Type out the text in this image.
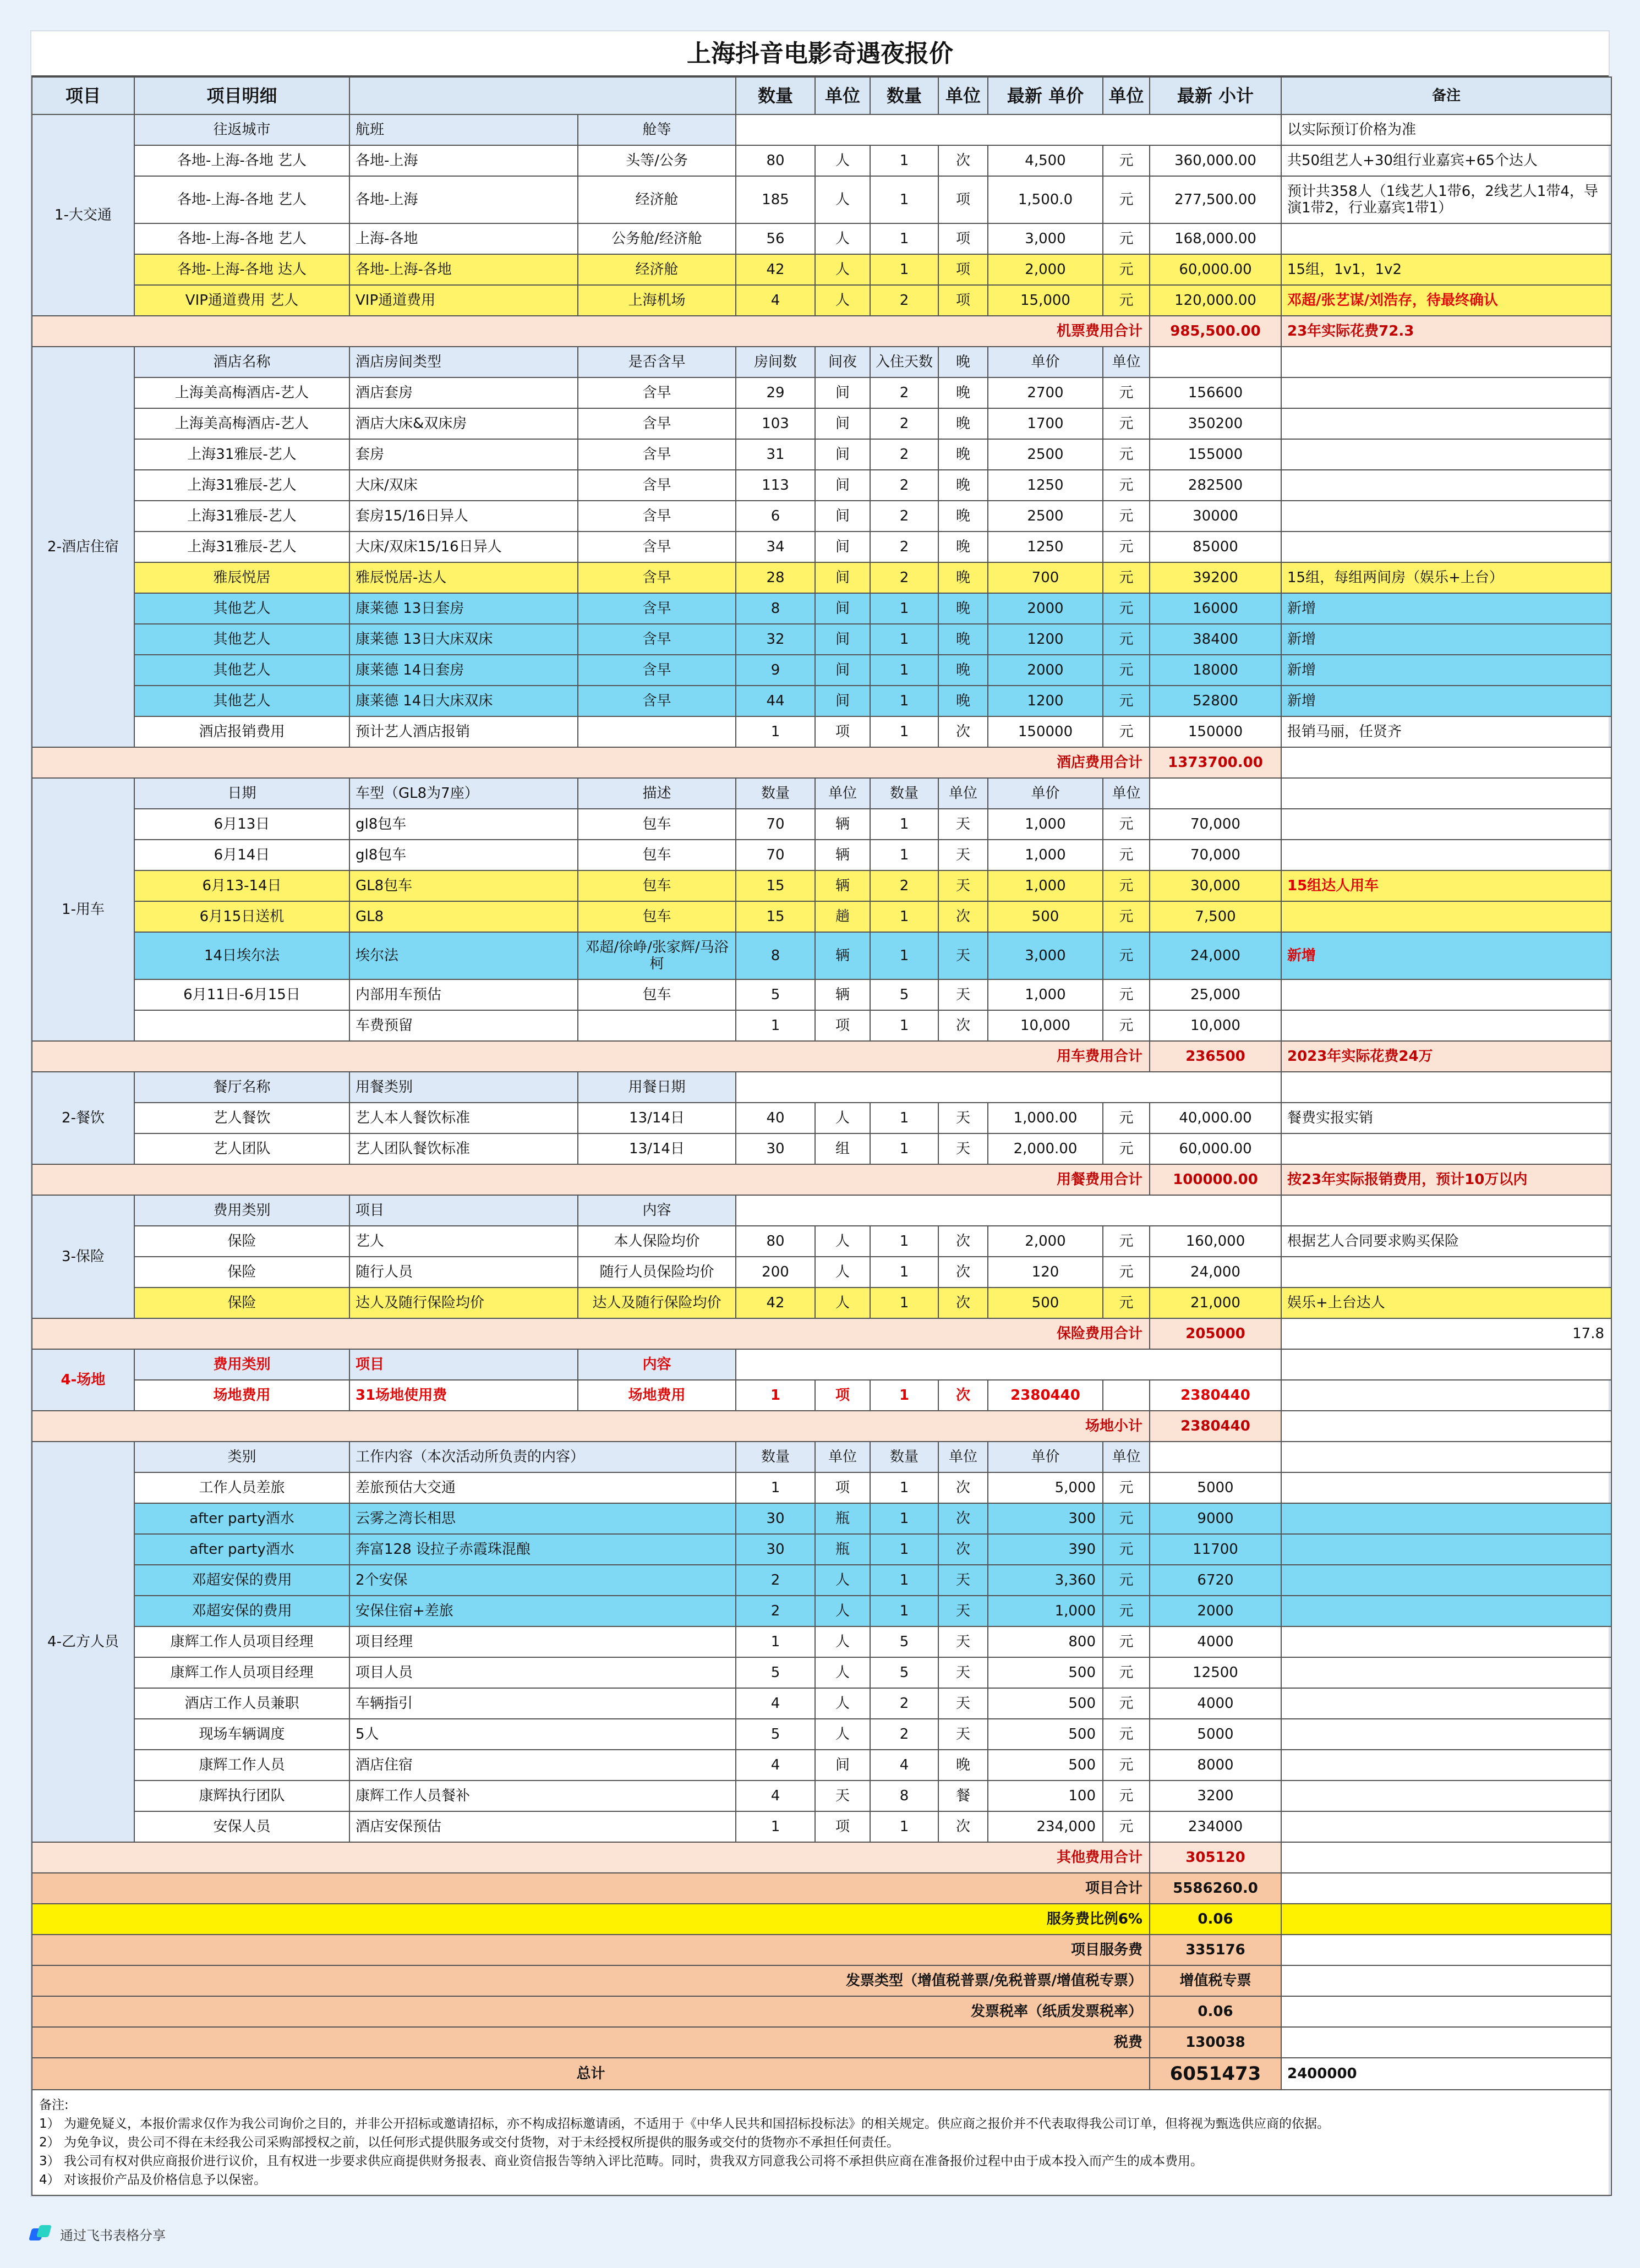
上海抖音电影奇遇夜报价
项目	项目明细			数量	单位	数量	单位	最新 单价	单位	最新 小计	备注
1-大交通	往返城市	航班	舱等								以实际预订价格为准
	各地-上海-各地 艺人	各地-上海	头等/公务	80	人	1	次	4,500	元	360,000.00	共50组艺人+30组行业嘉宾+65个达人
	各地-上海-各地 艺人	各地-上海	经济舱	185	人	1	项	1,500.0	元	277,500.00	预计共358人（1线艺人1带6，2线艺人1带4，导演1带2，行业嘉宾1带1）
	各地-上海-各地 艺人	上海-各地	公务舱/经济舱	56	人	1	项	3,000	元	168,000.00	
	各地-上海-各地 达人	各地-上海-各地	经济舱	42	人	1	项	2,000	元	60,000.00	15组，1v1，1v2
	VIP通道费用 艺人	VIP通道费用	上海机场	4	人	2	项	15,000	元	120,000.00	邓超/张艺谋/刘浩存，待最终确认
机票费用合计										985,500.00	23年实际花费72.3
2-酒店住宿	酒店名称	酒店房间类型	是否含早	房间数	间夜	入住天数	晚	单价	单位		
	上海美高梅酒店-艺人	酒店套房	含早	29	间	2	晚	2700	元	156600	
	上海美高梅酒店-艺人	酒店大床&双床房	含早	103	间	2	晚	1700	元	350200	
	上海31雅辰-艺人	套房	含早	31	间	2	晚	2500	元	155000	
	上海31雅辰-艺人	大床/双床	含早	113	间	2	晚	1250	元	282500	
	上海31雅辰-艺人	套房15/16日异人	含早	6	间	2	晚	2500	元	30000	
	上海31雅辰-艺人	大床/双床15/16日异人	含早	34	间	2	晚	1250	元	85000	
	雅辰悦居	雅辰悦居-达人	含早	28	间	2	晚	700	元	39200	15组，每组两间房（娱乐+上台）
	其他艺人	康莱德 13日套房	含早	8	间	1	晚	2000	元	16000	新增
	其他艺人	康莱德 13日大床双床	含早	32	间	1	晚	1200	元	38400	新增
	其他艺人	康莱德 14日套房	含早	9	间	1	晚	2000	元	18000	新增
	其他艺人	康莱德 14日大床双床	含早	44	间	1	晚	1200	元	52800	新增
	酒店报销费用	预计艺人酒店报销		1	项	1	次	150000	元	150000	报销马丽，任贤齐
酒店费用合计										1373700.00	
1-用车	日期	车型（GL8为7座）	描述	数量	单位	数量	单位	单价	单位		
	6月13日	gl8包车	包车	70	辆	1	天	1,000	元	70,000	
	6月14日	gl8包车	包车	70	辆	1	天	1,000	元	70,000	
	6月13-14日	GL8包车	包车	15	辆	2	天	1,000	元	30,000	15组达人用车
	6月15日送机	GL8	包车	15	趟	1	次	500	元	7,500	
	14日埃尔法	埃尔法	邓超/徐峥/张家辉/马浴柯	8	辆	1	天	3,000	元	24,000	新增
	6月11日-6月15日	内部用车预估	包车	5	辆	5	天	1,000	元	25,000	
		车费预留		1	项	1	次	10,000	元	10,000	
用车费用合计										236500	2023年实际花费24万
2-餐饮	餐厅名称	用餐类别	用餐日期								
	艺人餐饮	艺人本人餐饮标准	13/14日	40	人	1	天	1,000.00	元	40,000.00	餐费实报实销
	艺人团队	艺人团队餐饮标准	13/14日	30	组	1	天	2,000.00	元	60,000.00	
用餐费用合计										100000.00	按23年实际报销费用，预计10万以内
3-保险	费用类别	项目	内容								
	保险	艺人	本人保险均价	80	人	1	次	2,000	元	160,000	根据艺人合同要求购买保险
	保险	随行人员	随行人员保险均价	200	人	1	次	120	元	24,000	
	保险	达人及随行保险均价	达人及随行保险均价	42	人	1	次	500	元	21,000	娱乐+上台达人
保险费用合计										205000	17.8
4-场地	费用类别	项目	内容								
	场地费用	31场地使用费	场地费用	1	项	1	次	2380440		2380440	
场地小计										2380440	
4-乙方人员	类别	工作内容（本次活动所负责的内容）		数量	单位	数量	单位	单价	单位		
	工作人员差旅	差旅预估大交通		1	项	1	次	5,000	元	5000	
	after party酒水	云雾之湾长相思		30	瓶	1	次	300	元	9000	
	after party酒水	奔富128 设拉子赤霞珠混酿		30	瓶	1	次	390	元	11700	
	邓超安保的费用	2个安保		2	人	1	天	3,360	元	6720	
	邓超安保的费用	安保住宿+差旅		2	人	1	天	1,000	元	2000	
	康辉工作人员项目经理	项目经理		1	人	5	天	800	元	4000	
	康辉工作人员项目经理	项目人员		5	人	5	天	500	元	12500	
	酒店工作人员兼职	车辆指引		4	人	2	天	500	元	4000	
	现场车辆调度	5人		5	人	2	天	500	元	5000	
	康辉工作人员	酒店住宿		4	间	4	晚	500	元	8000	
	康辉执行团队	康辉工作人员餐补		4	天	8	餐	100	元	3200	
	安保人员	酒店安保预估		1	项	1	次	234,000	元	234000	
其他费用合计										305120	
项目合计										5586260.0	
服务费比例6%										0.06	
项目服务费										335176	
发票类型（增值税普票/免税普票/增值税专票）										增值税专票	
发票税率（纸质发票税率）										0.06	
税费										130038	
总计										6051473	2400000

备注:
1） 为避免疑义，本报价需求仅作为我公司询价之目的，并非公开招标或邀请招标，亦不构成招标邀请函，不适用于《中华人民共和国招标投标法》的相关规定。供应商之报价并不代表取得我公司订单，但将视为甄选供应商的依据。
2） 为免争议，贵公司不得在未经我公司采购部授权之前，以任何形式提供服务或交付货物，对于未经授权所提供的服务或交付的货物亦不承担任何责任。
3） 我公司有权对供应商报价进行议价，且有权进一步要求供应商提供财务报表、商业资信报告等纳入评比范畴。同时，贵我双方同意我公司将不承担供应商在准备报价过程中由于成本投入而产生的成本费用。
4） 对该报价产品及价格信息予以保密。											
通过飞书表格分享
